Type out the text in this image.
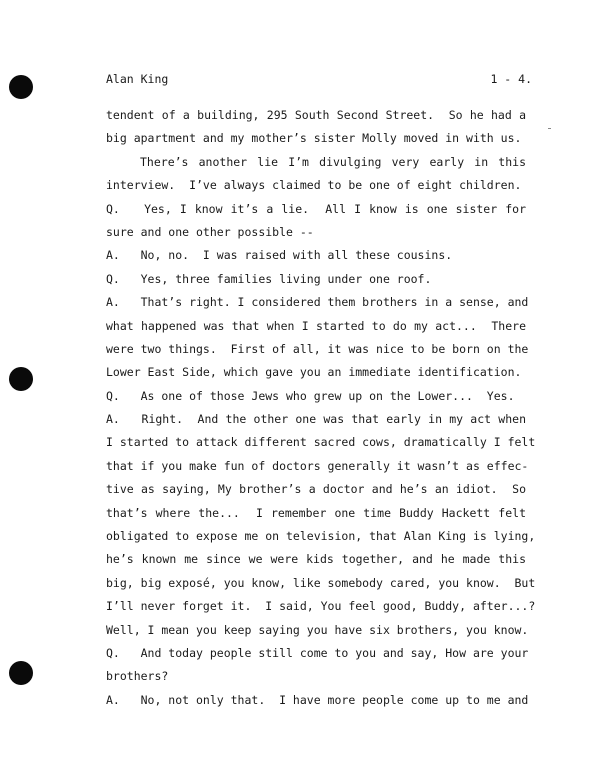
Alan King	1 - 4.
tendent of a building, 295 South Second Street.  So he had a
big apartment and my mother’s sister Molly moved in with us.
There’s another lie I’m divulging very early in this
interview.  I’ve always claimed to be one of eight children.
Q.   Yes, I know it’s a lie.  All I know is one sister for
sure and one other possible --
A.   No, no.  I was raised with all these cousins.
Q.   Yes, three families living under one roof.
A.   That’s right. I considered them brothers in a sense, and
what happened was that when I started to do my act...  There
were two things.  First of all, it was nice to be born on the
Lower East Side, which gave you an immediate identification.
Q.   As one of those Jews who grew up on the Lower...  Yes.
A.   Right.  And the other one was that early in my act when
I started to attack different sacred cows, dramatically I felt
that if you make fun of doctors generally it wasn’t as effec-
tive as saying, My brother’s a doctor and he’s an idiot.  So
that’s where the...  I remember one time Buddy Hackett felt
obligated to expose me on television, that Alan King is lying,
he’s known me since we were kids together, and he made this
big, big exposé, you know, like somebody cared, you know.  But
I’ll never forget it.  I said, You feel good, Buddy, after...?
Well, I mean you keep saying you have six brothers, you know.
Q.   And today people still come to you and say, How are your
brothers?
A.   No, not only that.  I have more people come up to me and
